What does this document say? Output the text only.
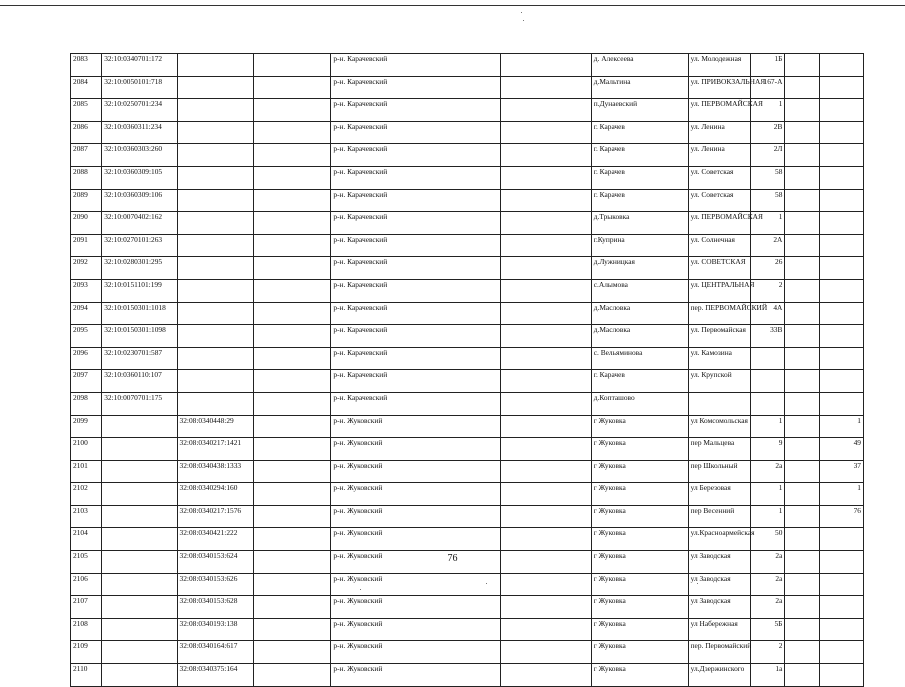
2083	32:10:0340701:172			р-н. Карачевский		д. Алексеева	ул. Молодежная	1Б		
2084	32:10:0050101:718			р-н. Карачевский		д.Мальтина	ул. ПРИВОКЗАЛЬНАЯ	167-А		
2085	32:10:0250701:234			р-н. Карачевский		п.Дунаевский	ул. ПЕРВОМАЙСКАЯ	1		
2086	32:10:0360311:234			р-н. Карачевский		г. Карачев	ул. Ленина	2В		
2087	32:10:0360303:260			р-н. Карачевский		г. Карачев	ул. Ленина	2Л		
2088	32:10:0360309:105			р-н. Карачевский		г. Карачев	ул. Советская	58		
2089	32:10:0360309:106			р-н. Карачевский		г. Карачев	ул. Советская	58		
2090	32:10:0070402:162			р-н. Карачевский		д.Трыковка	ул. ПЕРВОМАЙСКАЯ	1		
2091	32:10:0270101:263			р-н. Карачевский		г.Куприна	ул. Солнечная	2А		
2092	32:10:0280301:295			р-н. Карачевский		д.Лужницкая	ул. СОВЕТСКАЯ	26		
2093	32:10:0151101:199			р-н. Карачевский		с.Алымова	ул. ЦЕНТРАЛЬНАЯ	2		
2094	32:10:0150301:1018			р-н. Карачевский		д.Масловка	пер. ПЕРВОМАЙСКИЙ	4А		
2095	32:10:0150301:1098			р-н. Карачевский		д.Масловка	ул. Первомайская	33В		
2096	32:10:0230701:587			р-н. Карачевский		с. Вельяминова	ул. Камозина			
2097	32:10:0360110:107			р-н. Карачевский		г. Карачев	ул. Крупской			
2098	32:10:0070701:175			р-н. Карачевский		д.Копташово				
2099		32:08:0340448:29		р-н. Жуковский		г Жуковка	ул Комсомольская	1		1
2100		32:08:0340217:1421		р-н. Жуковский		г Жуковка	пер Мальцева	9		49
2101		32:08:0340438:1333		р-н. Жуковский		г Жуковка	пер Школьный	2а		37
2102		32:08:0340294:160		р-н. Жуковский		г Жуковка	ул Березовая	1		1
2103		32:08:0340217:1576		р-н. Жуковский		г Жуковка	пер Весенний	1		76
2104		32:08:0340421:222		р-н. Жуковский		г Жуковка	ул.Красноармейская	50		
2105		32:08:0340153:624		р-н. Жуковский		г Жуковка	ул Заводская	2а		
2106		32:08:0340153:626		р-н. Жуковский		г Жуковка	ул Заводская	2а		
2107		32:08:0340153:628		р-н. Жуковский		г Жуковка	ул Заводская	2а		
2108		32:08:0340193:138		р-н. Жуковский		г Жуковка	ул Набережная	5Б		
2109		32:08:0340164:617		р-н. Жуковский		г Жуковка	пер. Первомайский	2		
2110		32:08:0340375:164		р-н. Жуковский		г Жуковка	ул.Дзержинского	1а		
76
